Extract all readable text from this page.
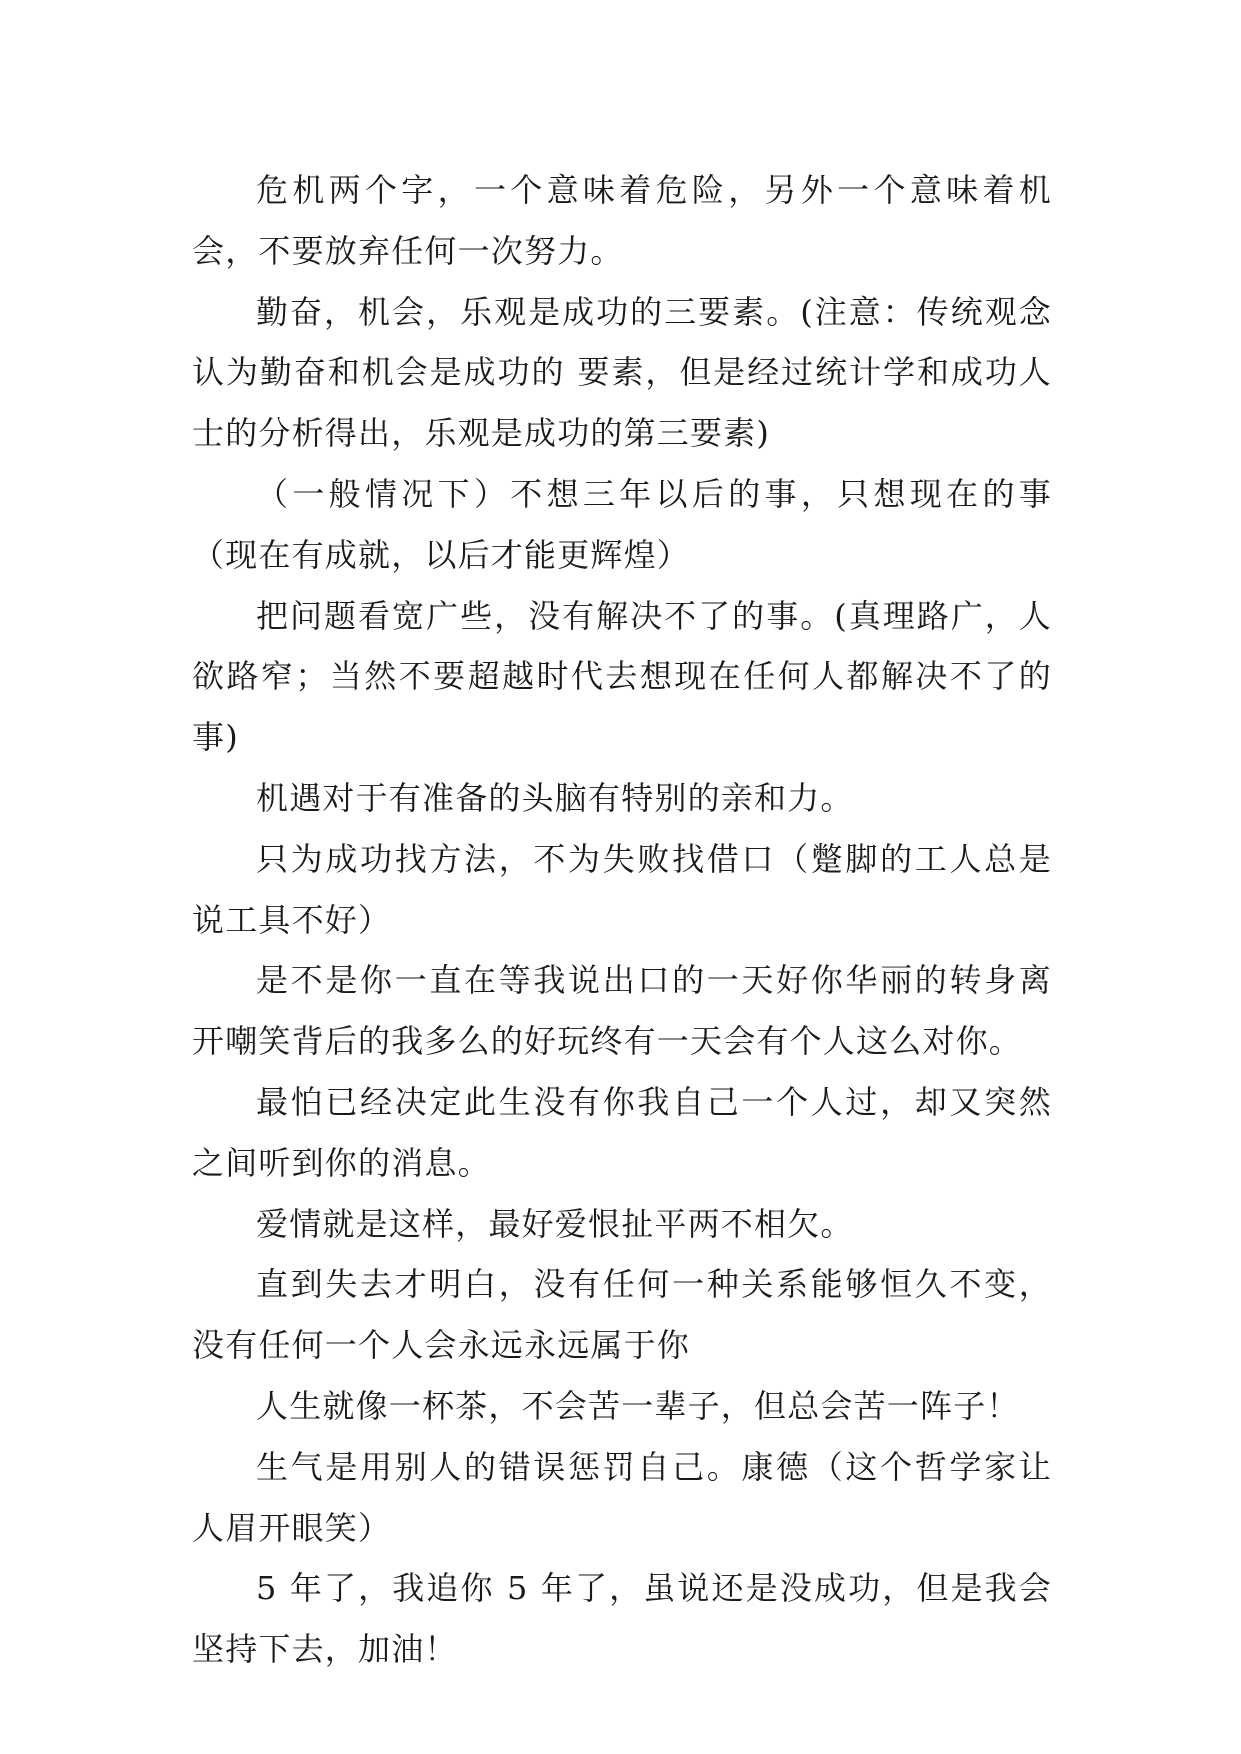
危机两个字，一个意味着危险，另外一个意味着机会，不要放弃任何一次努力。

勤奋，机会，乐观是成功的三要素。(注意：传统观念认为勤奋和机会是成功的 要素，但是经过统计学和成功人士的分析得出，乐观是成功的第三要素)

（一般情况下）不想三年以后的事，只想现在的事（现在有成就，以后才能更辉煌）

把问题看宽广些，没有解决不了的事。(真理路广，人欲路窄；当然不要超越时代去想现在任何人都解决不了的事)

机遇对于有准备的头脑有特别的亲和力。

只为成功找方法，不为失败找借口（蹩脚的工人总是说工具不好）

是不是你一直在等我说出口的一天好你华丽的转身离开嘲笑背后的我多么的好玩终有一天会有个人这么对你。

最怕已经决定此生没有你我自己一个人过，却又突然之间听到你的消息。

爱情就是这样，最好爱恨扯平两不相欠。

直到失去才明白，没有任何一种关系能够恒久不变，没有任何一个人会永远永远属于你

人生就像一杯茶，不会苦一辈子，但总会苦一阵子！

生气是用别人的错误惩罚自己。康德（这个哲学家让人眉开眼笑）

5 年了，我追你 5 年了，虽说还是没成功，但是我会坚持下去，加油！
